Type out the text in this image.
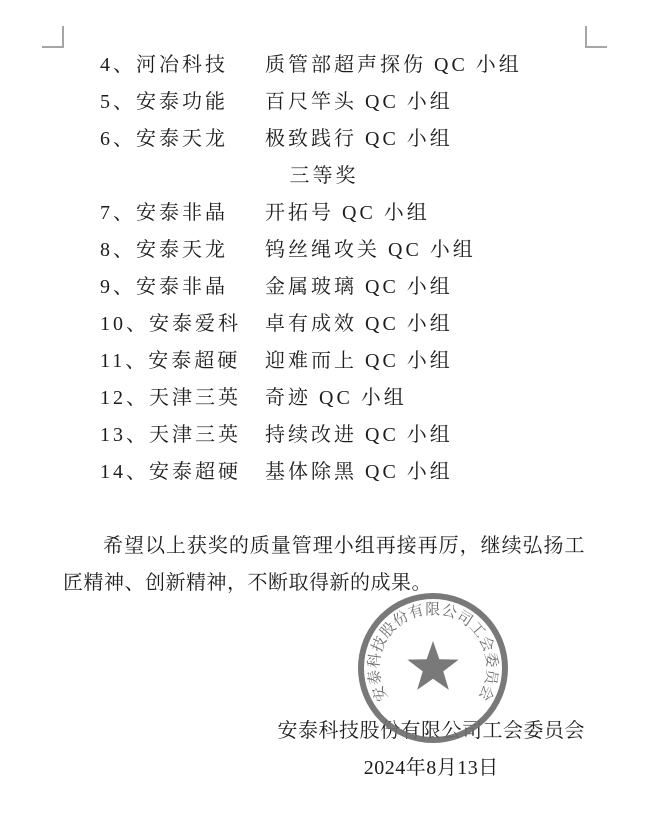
4、河冶科技	质管部超声探伤 QC 小组
5、安泰功能	百尺竿头 QC 小组
6、安泰天龙	极致践行 QC 小组
三等奖
7、安泰非晶	开拓号 QC 小组
8、安泰天龙	钨丝绳攻关 QC 小组
9、安泰非晶	金属玻璃 QC 小组
10、安泰爱科	卓有成效 QC 小组
11、安泰超硬	迎难而上 QC 小组
12、天津三英	奇迹 QC 小组
13、天津三英	持续改进 QC 小组
14、安泰超硬	基体除黑 QC 小组
希望以上获奖的质量管理小组再接再厉，继续弘扬工匠精神、创新精神，不断取得新的成果。
安泰科技股份有限公司工会委员会
2024年8月13日
安泰科技股份有限公司工会委员会
